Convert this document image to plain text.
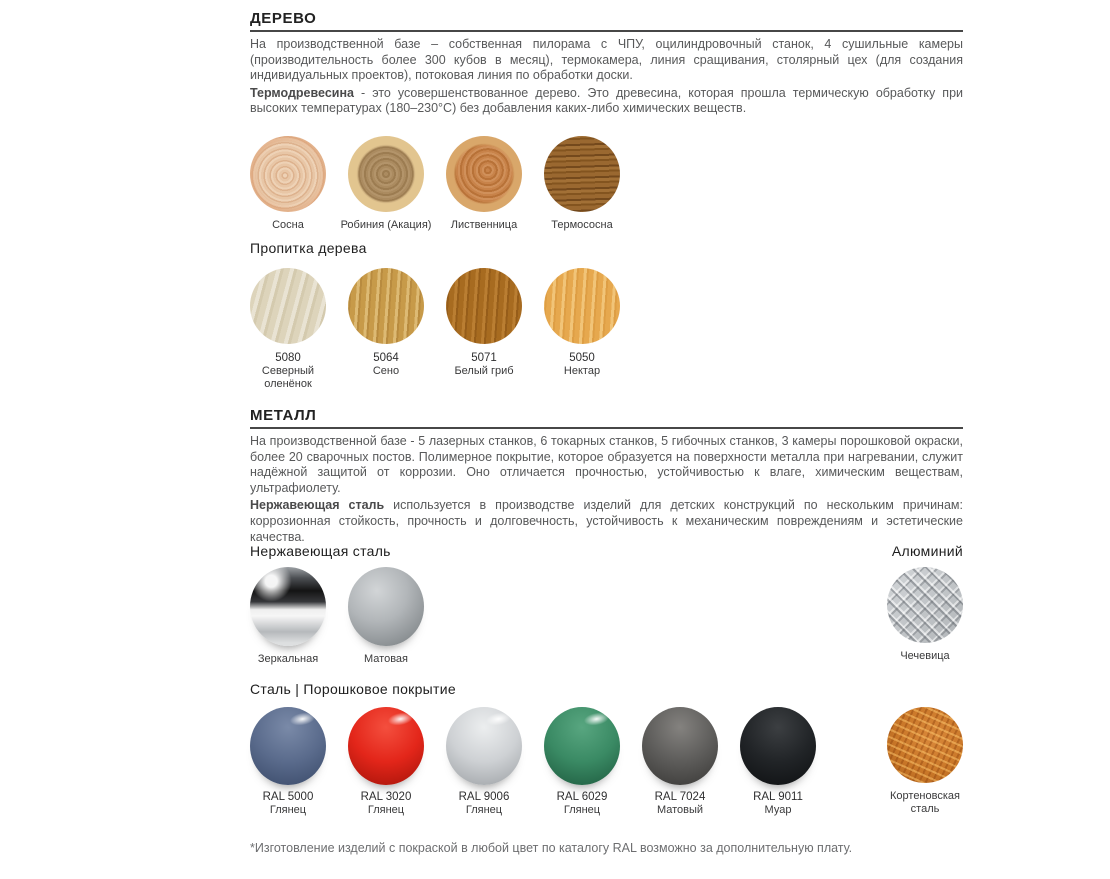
ДЕРЕВО

На производственной базе – собственная пилорама с ЧПУ, оцилиндровочный станок, 4 сушильные камеры (производительность более 300 кубов в месяц), термокамера, линия сращивания, столярный цех (для создания индивидуальных проектов), потоковая линия по обработки доски.

Термодревесина - это усовершенствованное дерево. Это древесина, которая прошла термическую обработку при высоких температурах (180–230°C) без добавления каких-либо химических веществ.

Сосна	Робиния (Акация) Лиственница	Термососна
Пропитка дерева
5080
Северный оленёнок
5064
Сено
5071
Белый гриб
5050
Нектар
МЕТАЛЛ

На производственной базе - 5 лазерных станков, 6 токарных станков, 5 гибочных станков, 3 камеры порошковой окраски, более 20 сварочных постов. Полимерное покрытие, которое образуется на поверхности металла при нагревании, служит надёжной защитой от коррозии. Оно отличается прочностью, устойчивостью к влаге, химическим веществам, ультрафиолету.

Нержавеющая сталь используется в производстве изделий для детских конструкций по нескольким причинам: коррозионная стойкость, прочность и долговечность, устойчивость к механическим повреждениям и эстетические качества.

Нержавеющая сталь	Алюминий
Зеркальная	Матовая	Чечевица
Сталь | Порошковое покрытие
RAL 5000
Глянец
RAL 3020
Глянец
RAL 9006
Глянец
RAL 6029
Глянец
RAL 7024
Матовый
RAL 9011
Муар
Кортеновская сталь
*Изготовление изделий с покраской в любой цвет по каталогу RAL возможно за дополнительную плату.
